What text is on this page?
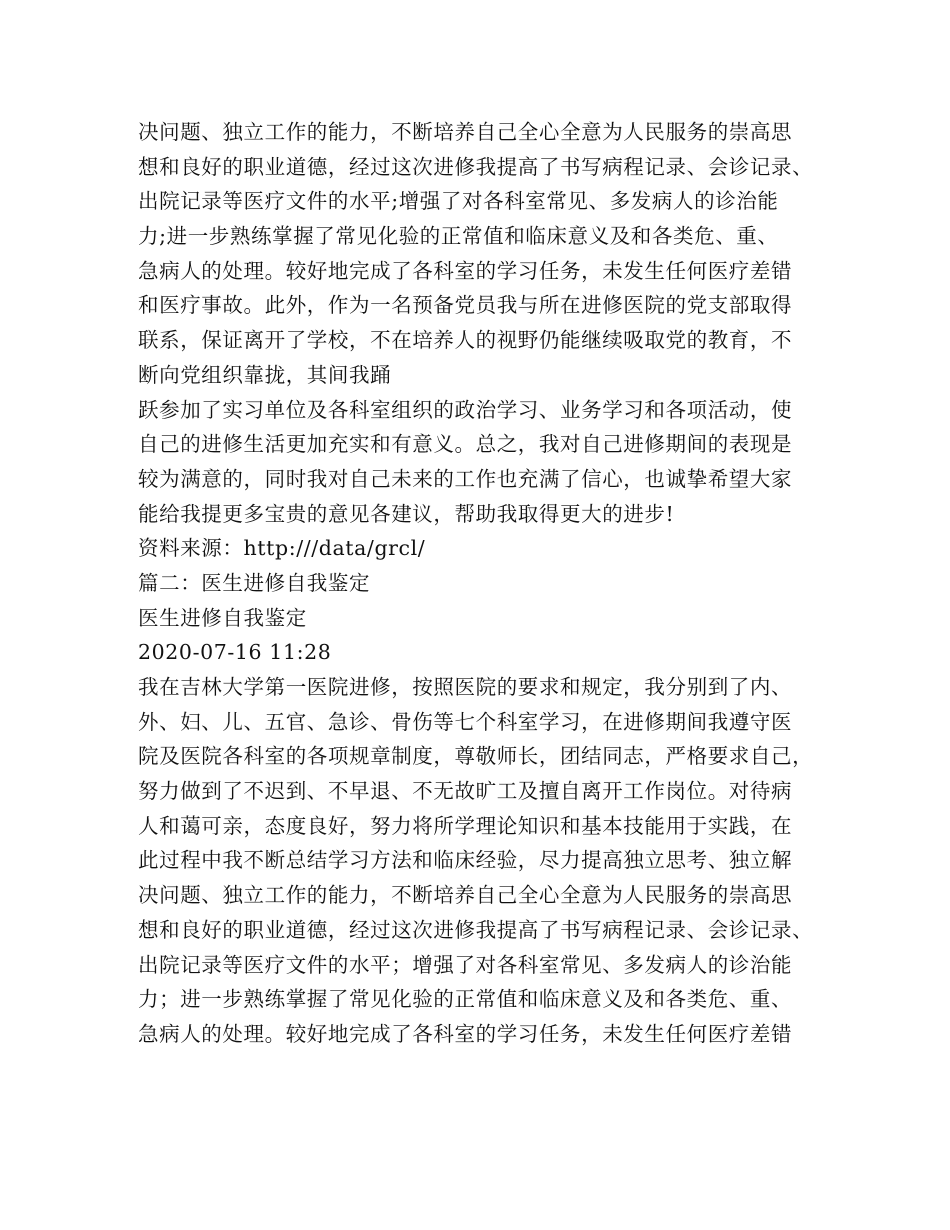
决问题、独立工作的能力，不断培养自己全心全意为人民服务的崇高思
想和良好的职业道德，经过这次进修我提高了书写病程记录、会诊记录、
出院记录等医疗文件的水平;增强了对各科室常见、多发病人的诊治能
力;进一步熟练掌握了常见化验的正常值和临床意义及和各类危、重、
急病人的处理。较好地完成了各科室的学习任务，未发生任何医疗差错
和医疗事故。此外，作为一名预备党员我与所在进修医院的党支部取得
联系，保证离开了学校，不在培养人的视野仍能继续吸取党的教育，不
断向党组织靠拢，其间我踊
跃参加了实习单位及各科室组织的政治学习、业务学习和各项活动，使
自己的进修生活更加充实和有意义。总之，我对自己进修期间的表现是
较为满意的，同时我对自己未来的工作也充满了信心，也诚挚希望大家
能给我提更多宝贵的意见各建议，帮助我取得更大的进步!
资料来源：http:///data/grcl/
篇二：医生进修自我鉴定
医生进修自我鉴定
2020-07-16 11:28
我在吉林大学第一医院进修，按照医院的要求和规定，我分别到了内、
外、妇、儿、五官、急诊、骨伤等七个科室学习，在进修期间我遵守医
院及医院各科室的各项规章制度，尊敬师长，团结同志，严格要求自己，
努力做到了不迟到、不早退、不无故旷工及擅自离开工作岗位。对待病
人和蔼可亲，态度良好，努力将所学理论知识和基本技能用于实践，在
此过程中我不断总结学习方法和临床经验，尽力提高独立思考、独立解
决问题、独立工作的能力，不断培养自己全心全意为人民服务的崇高思
想和良好的职业道德，经过这次进修我提高了书写病程记录、会诊记录、
出院记录等医疗文件的水平；增强了对各科室常见、多发病人的诊治能
力；进一步熟练掌握了常见化验的正常值和临床意义及和各类危、重、
急病人的处理。较好地完成了各科室的学习任务，未发生任何医疗差错
